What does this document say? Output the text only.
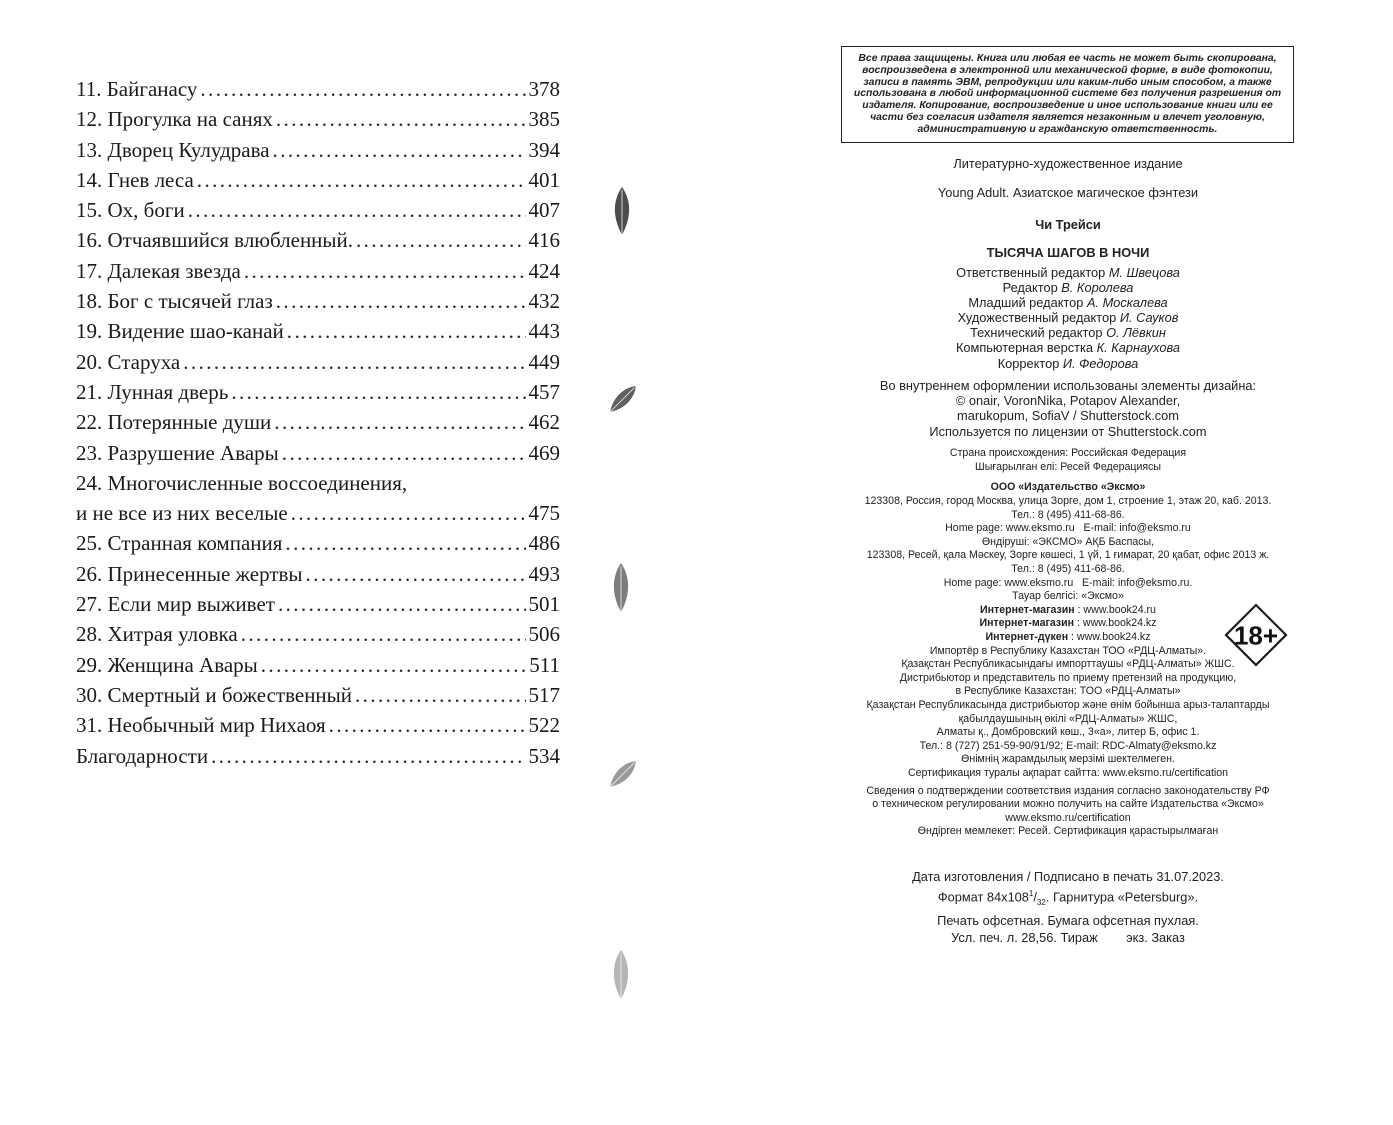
11. Байганасу .....	378
12. Прогулка на санях .....	385
13. Дворец Кулудрава .....	394
14. Гнев леса .....	401
15. Ох, боги .....	407
16. Отчаявшийся влюбленный. .....	416
17. Далекая звезда .....	424
18. Бог с тысячей глаз .....	432
19. Видение шао-канай .....	443
20. Старуха .....	449
21. Лунная дверь .....	457
22. Потерянные души .....	462
23. Разрушение Авары .....	469
24. Многочисленные воссоединения,
и не все из них веселые .....	475
25. Странная компания .....	486
26. Принесенные жертвы .....	493
27. Если мир выживет .....	501
28. Хитрая уловка .....	506
29. Женщина Авары .....	511
30. Смертный и божественный .....	517
31. Необычный мир Нихаоя .....	522
Благодарности .....	534
Все права защищены. Книга или любая ее часть не может быть скопирована, воспроизведена в электронной или механической форме, в виде фотокопии, записи в память ЭВМ, репродукции или каким-либо иным способом, а также использована в любой информационной системе без получения разрешения от издателя. Копирование, воспроизведение и иное использование книги или ее части без согласия издателя является незаконным и влечет уголовную, административную и гражданскую ответственность.
Литературно-художественное издание
Young Adult. Азиатское магическое фэнтези
Чи Трейси
ТЫСЯЧА ШАГОВ В НОЧИ
Ответственный редактор М. Швецова
Редактор В. Королева
Младший редактор А. Москалева
Художественный редактор И. Сауков
Технический редактор О. Лёвкин
Компьютерная верстка К. Карнаухова
Корректор И. Федорова
Во внутреннем оформлении использованы элементы дизайна:
© onair, VoronNika, Potapov Alexander,
marukopum, SofiaV / Shutterstock.com
Используется по лицензии от Shutterstock.com
Страна происхождения: Российская Федерация
Шығарылған елі: Ресей Федерациясы
ООО «Издательство «Эксмо»
123308, Россия, город Москва, улица Зорге, дом 1, строение 1, этаж 20, каб. 2013.
Тел.: 8 (495) 411-68-86.
Home page: www.eksmo.ru   E-mail: info@eksmo.ru
Өндіруші: «ЭКСМО» АҚБ Баспасы,
123308, Ресей, қала Мәскеу, Зорге көшесі, 1 үй, 1 ғимарат, 20 қабат, офис 2013 ж.
Тел.: 8 (495) 411-68-86.
Home page: www.eksmo.ru   E-mail: info@eksmo.ru.
Тауар белгісі: «Эксмо»
Интернет-магазин : www.book24.ru
Интернет-магазин : www.book24.kz
Интернет-дүкен : www.book24.kz
Импортёр в Республику Казахстан ТОО «РДЦ-Алматы».
Қазақстан Республикасындағы импорттаушы «РДЦ-Алматы» ЖШС.
Дистрибьютор и представитель по приему претензий на продукцию,
в Республике Казахстан: ТОО «РДЦ-Алматы»
Қазақстан Республикасында дистрибьютор және өнім бойынша арыз-талаптарды
қабылдаушының өкілі «РДЦ-Алматы» ЖШС,
Алматы қ., Домбровский көш., 3«а», литер Б, офис 1.
Тел.: 8 (727) 251-59-90/91/92; E-mail: RDC-Almaty@eksmo.kz
Өнімнің жарамдылық мерзімі шектелмеген.
Сертификация туралы ақпарат сайтта: www.eksmo.ru/certification
Сведения о подтверждении соответствия издания согласно законодательству РФ
о техническом регулировании можно получить на сайте Издательства «Эксмо»
www.eksmo.ru/certification
Өндірген мемлекет: Ресей. Сертификация қарастырылмаған
Дата изготовления / Подписано в печать 31.07.2023.
Формат $84x108^1/_{32}$. Гарнитура «Petersburg».
Печать офсетная. Бумага офсетная пухлая.
Усл. печ. л. 28,56. Тираж        экз. Заказ
18+
